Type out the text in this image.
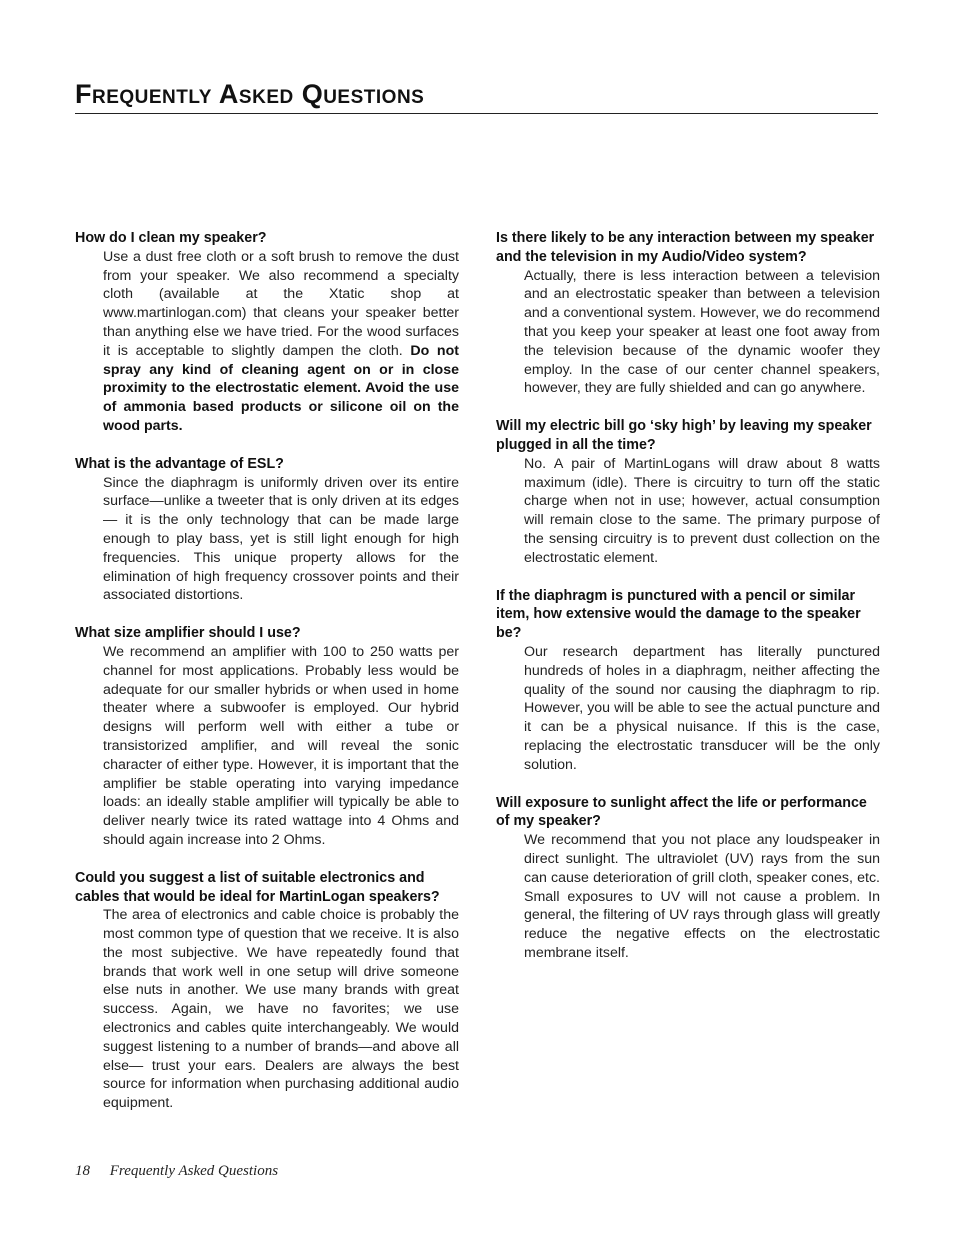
Frequently Asked Questions

How do I clean my speaker?

Use a dust free cloth or a soft brush to remove the dust from your speaker. We also recommend a specialty cloth (available at the Xtatic shop at www.martinlogan.com) that cleans your speaker better than anything else we have tried. For the wood surfaces it is acceptable to slightly dampen the cloth. Do not spray any kind of cleaning agent on or in close proximity to the electrostatic element. Avoid the use of ammonia based products or silicone oil on the wood parts.

What is the advantage of ESL?

Since the diaphragm is uniformly driven over its entire surface—unlike a tweeter that is only driven at its edges— it is the only technology that can be made large enough to play bass, yet is still light enough for high frequencies. This unique property allows for the elimination of high frequency crossover points and their associated distortions.

What size amplifier should I use?

We recommend an amplifier with 100 to 250 watts per channel for most applications. Probably less would be adequate for our smaller hybrids or when used in home theater where a subwoofer is employed. Our hybrid designs will perform well with either a tube or transistorized amplifier, and will reveal the sonic character of either type. However, it is important that the amplifier be stable operating into varying impedance loads: an ideally stable amplifier will typically be able to deliver nearly twice its rated wattage into 4 Ohms and should again increase into 2 Ohms.

Could you suggest a list of suitable electronics and cables that would be ideal for MartinLogan speakers?

The area of electronics and cable choice is probably the most common type of question that we receive. It is also the most subjective. We have repeatedly found that brands that work well in one setup will drive someone else nuts in another. We use many brands with great success. Again, we have no favorites; we use electronics and cables quite interchangeably. We would suggest listening to a number of brands—and above all else— trust your ears. Dealers are always the best source for information when purchasing additional audio equipment.

Is there likely to be any interaction between my speaker and the television in my Audio/Video system?

Actually, there is less interaction between a television and an electrostatic speaker than between a television and a conventional system. However, we do recommend that you keep your speaker at least one foot away from the television because of the dynamic woofer they employ. In the case of our center channel speakers, however, they are fully shielded and can go anywhere.

Will my electric bill go ‘sky high’ by leaving my speaker plugged in all the time?

No. A pair of MartinLogans will draw about 8 watts maximum (idle). There is circuitry to turn off the static charge when not in use; however, actual consumption will remain close to the same. The primary purpose of the sensing circuitry is to prevent dust collection on the electrostatic element.

If the diaphragm is punctured with a pencil or similar item, how extensive would the damage to the speaker be?

Our research department has literally punctured hundreds of holes in a diaphragm, neither affecting the quality of the sound nor causing the diaphragm to rip. However, you will be able to see the actual puncture and it can be a physical nuisance. If this is the case, replacing the electrostatic transducer will be the only solution.

Will exposure to sunlight affect the life or performance of my speaker?

We recommend that you not place any loudspeaker in direct sunlight. The ultraviolet (UV) rays from the sun can cause deterioration of grill cloth, speaker cones, etc. Small exposures to UV will not cause a problem. In general, the filtering of UV rays through glass will greatly reduce the negative effects on the electrostatic membrane itself.

18 Frequently Asked Questions
